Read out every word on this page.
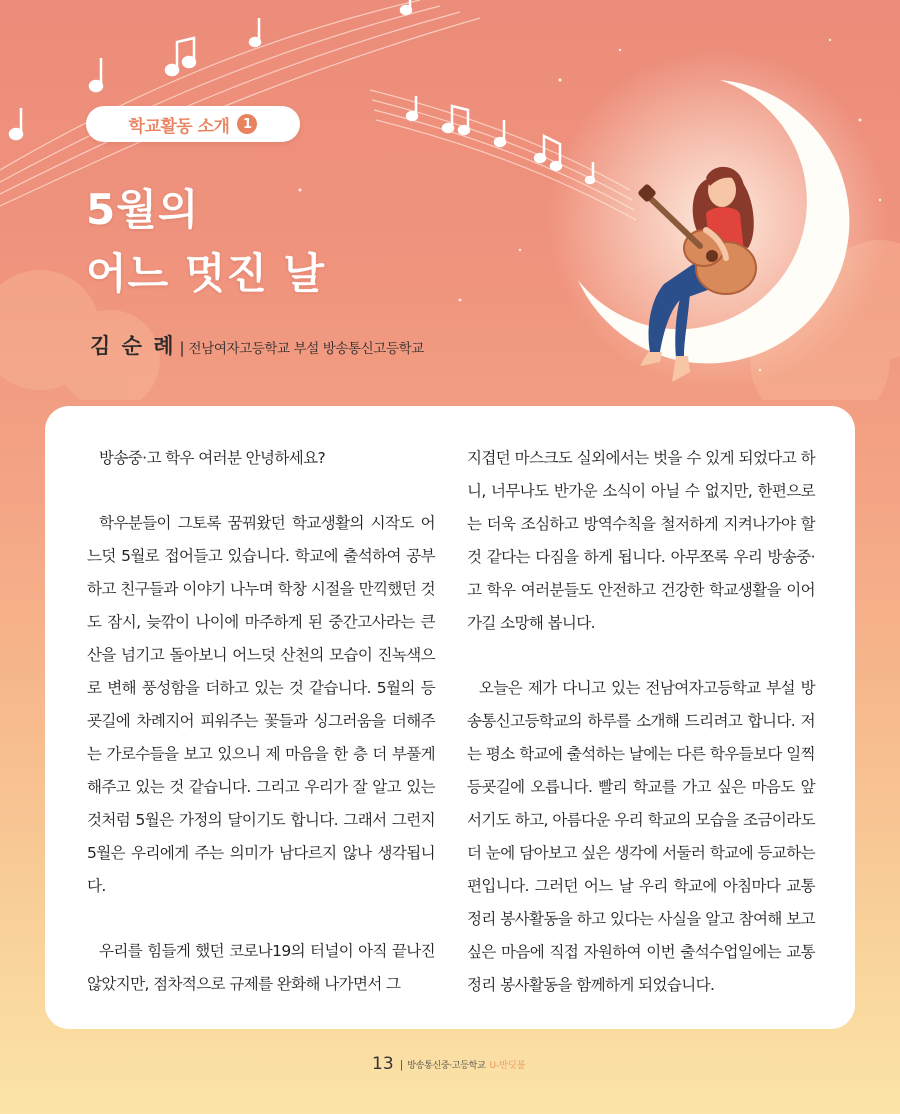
학교활동 소개	1
5월의
어느 멋진 날
김 순 례 | 전남여자고등학교 부설 방송통신고등학교

방송중·고 학우 여러분 안녕하세요?

학우분들이 그토록 꿈꿔왔던 학교생활의 시작도 어느덧 5월로 접어들고 있습니다. 학교에 출석하여 공부하고 친구들과 이야기 나누며 학창 시절을 만끽했던 것도 잠시, 늦깎이 나이에 마주하게 된 중간고사라는 큰 산을 넘기고 돌아보니 어느덧 산천의 모습이 진녹색으로 변해 풍성함을 더하고 있는 것 같습니다. 5월의 등굣길에 차례지어 피워주는 꽃들과 싱그러움을 더해주는 가로수들을 보고 있으니 제 마음을 한 층 더 부풀게 해주고 있는 것 같습니다. 그리고 우리가 잘 알고 있는 것처럼 5월은 가정의 달이기도 합니다. 그래서 그런지 5월은 우리에게 주는 의미가 남다르지 않나 생각됩니다.

우리를 힘들게 했던 코로나19의 터널이 아직 끝나진 않았지만, 점차적으로 규제를 완화해 나가면서 그

지겹던 마스크도 실외에서는 벗을 수 있게 되었다고 하니, 너무나도 반가운 소식이 아닐 수 없지만, 한편으로는 더욱 조심하고 방역수칙을 철저하게 지켜나가야 할 것 같다는 다짐을 하게 됩니다. 아무쪼록 우리 방송중·고 학우 여러분들도 안전하고 건강한 학교생활을 이어가길 소망해 봅니다.

오늘은 제가 다니고 있는 전남여자고등학교 부설 방송통신고등학교의 하루를 소개해 드리려고 합니다. 저는 평소 학교에 출석하는 날에는 다른 학우들보다 일찍 등굣길에 오릅니다. 빨리 학교를 가고 싶은 마음도 앞서기도 하고, 아름다운 우리 학교의 모습을 조금이라도 더 눈에 담아보고 싶은 생각에 서둘러 학교에 등교하는 편입니다. 그러던 어느 날 우리 학교에 아침마다 교통정리 봉사활동을 하고 있다는 사실을 알고 참여해 보고 싶은 마음에 직접 자원하여 이번 출석수업일에는 교통정리 봉사활동을 함께하게 되었습니다.

13 | 방송통신중·고등학교 U-반딧불
